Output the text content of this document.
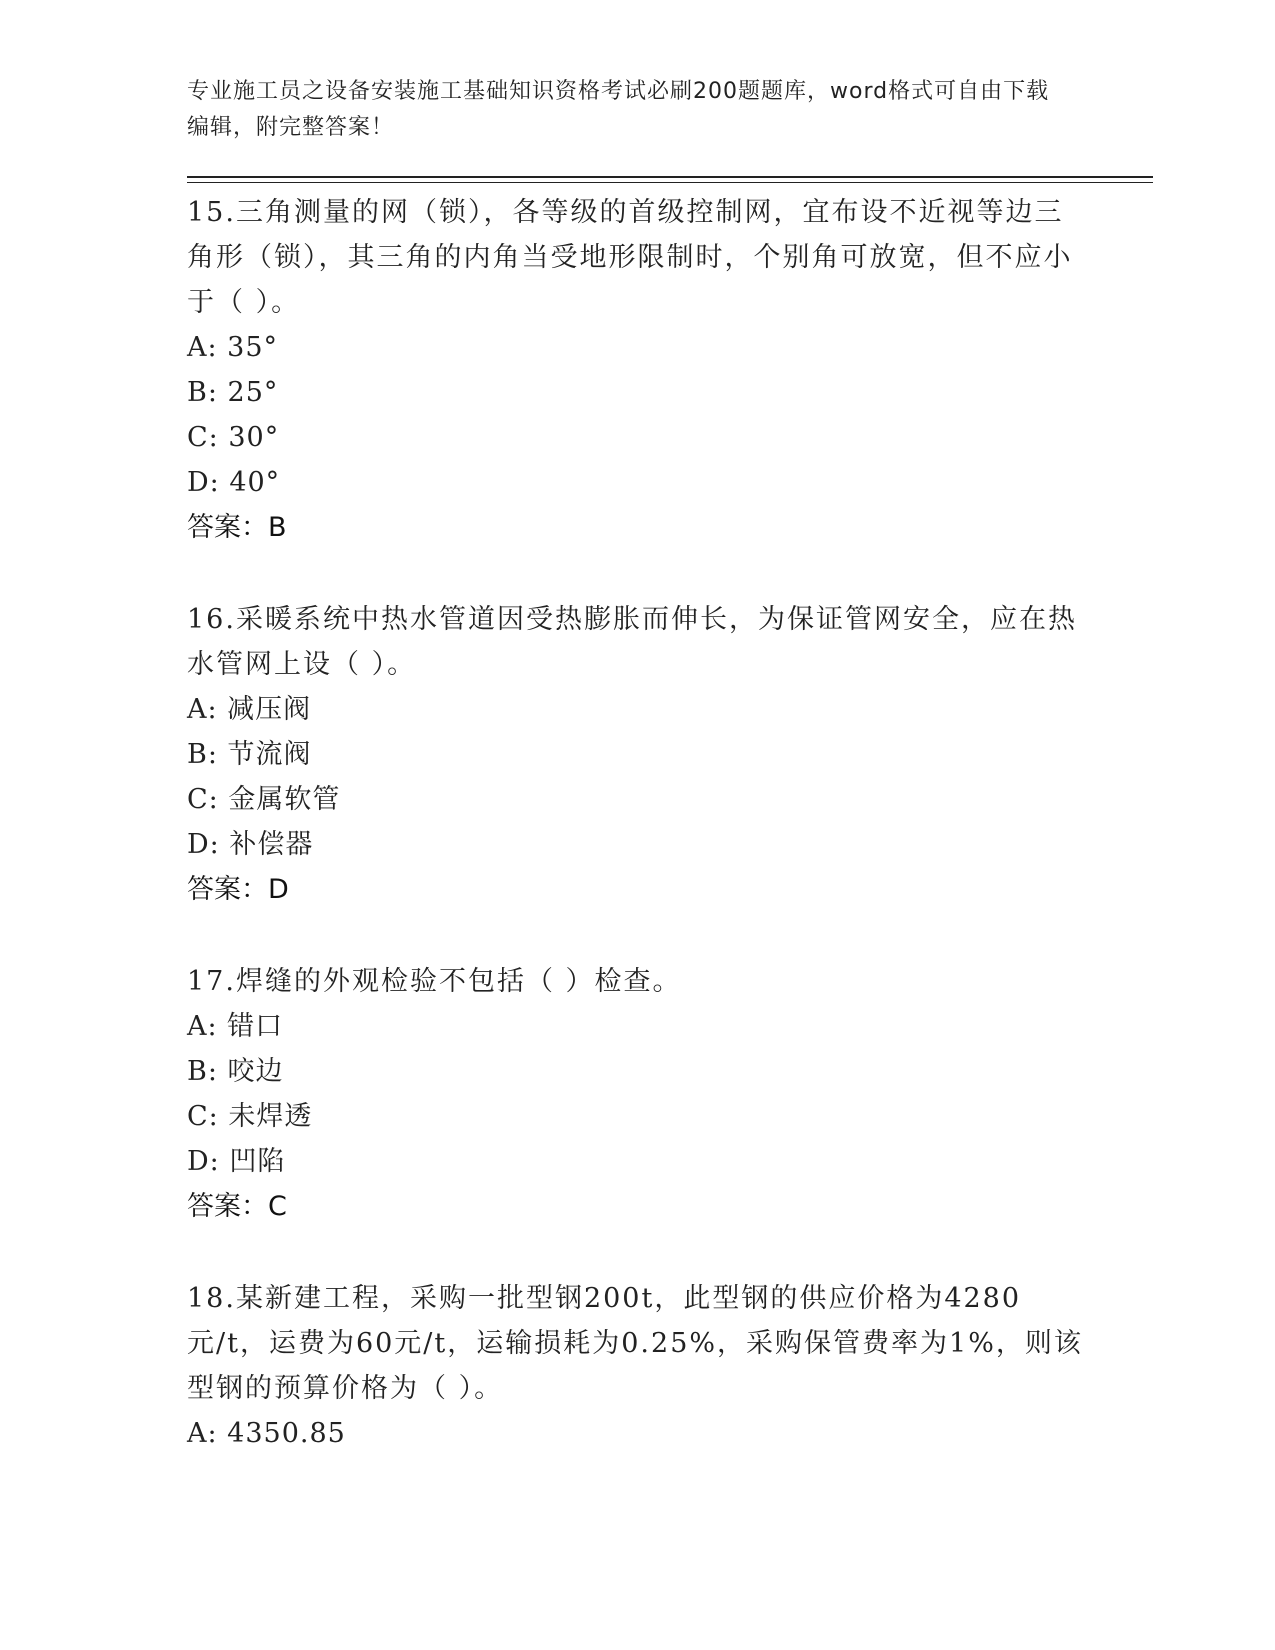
专业施工员之设备安装施工基础知识资格考试必刷200题题库，word格式可自由下载编辑，附完整答案！
15.三角测量的网（锁），各等级的首级控制网，宜布设不近视等边三角形（锁），其三角的内角当受地形限制时，个别角可放宽，但不应小于（ ）。
A: 35°
B: 25°
C: 30°
D: 40°
答案：B
16.采暖系统中热水管道因受热膨胀而伸长，为保证管网安全，应在热水管网上设（ ）。
A: 减压阀
B: 节流阀
C: 金属软管
D: 补偿器
答案：D
17.焊缝的外观检验不包括（ ）检查。
A: 错口
B: 咬边
C: 未焊透
D: 凹陷
答案：C
18.某新建工程，采购一批型钢200t，此型钢的供应价格为4280元/t，运费为60元/t，运输损耗为0.25%，采购保管费率为1%，则该型钢的预算价格为（ ）。
A: 4350.85
